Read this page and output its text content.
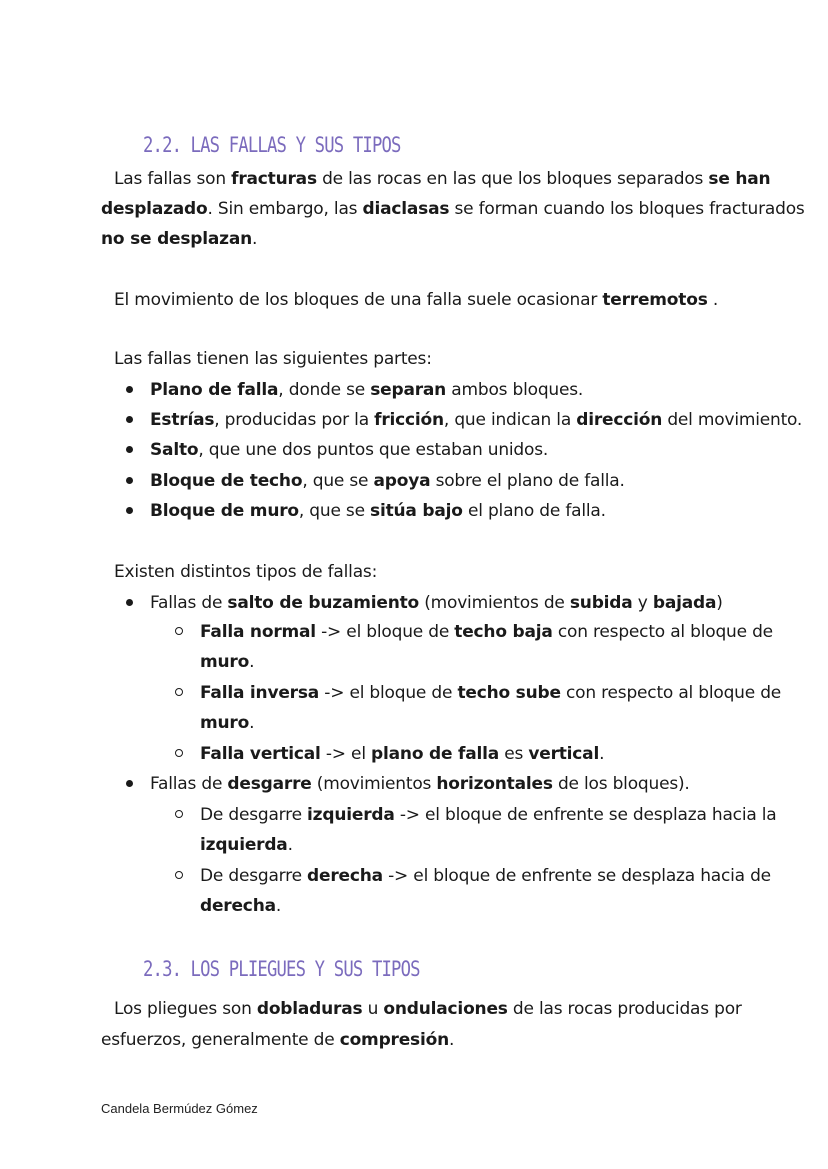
2.2. LAS FALLAS Y SUS TIPOS
Las fallas son fracturas de las rocas en las que los bloques separados se han
desplazado. Sin embargo, las diaclasas se forman cuando los bloques fracturados
no se desplazan.
El movimiento de los bloques de una falla suele ocasionar terremotos .
Las fallas tienen las siguientes partes:
Plano de falla, donde se separan ambos bloques.
Estrías, producidas por la fricción, que indican la dirección del movimiento.
Salto, que une dos puntos que estaban unidos.
Bloque de techo, que se apoya sobre el plano de falla.
Bloque de muro, que se sitúa bajo el plano de falla.
Existen distintos tipos de fallas:
Fallas de salto de buzamiento (movimientos de subida y bajada)
Falla normal -> el bloque de techo baja con respecto al bloque de
muro.
Falla inversa -> el bloque de techo sube con respecto al bloque de
muro.
Falla vertical -> el plano de falla es vertical.
Fallas de desgarre (movimientos horizontales de los bloques).
De desgarre izquierda -> el bloque de enfrente se desplaza hacia la
izquierda.
De desgarre derecha -> el bloque de enfrente se desplaza hacia de
derecha.
2.3. LOS PLIEGUES Y SUS TIPOS
Los pliegues son dobladuras u ondulaciones de las rocas producidas por
esfuerzos, generalmente de compresión.
Candela Bermúdez Gómez
